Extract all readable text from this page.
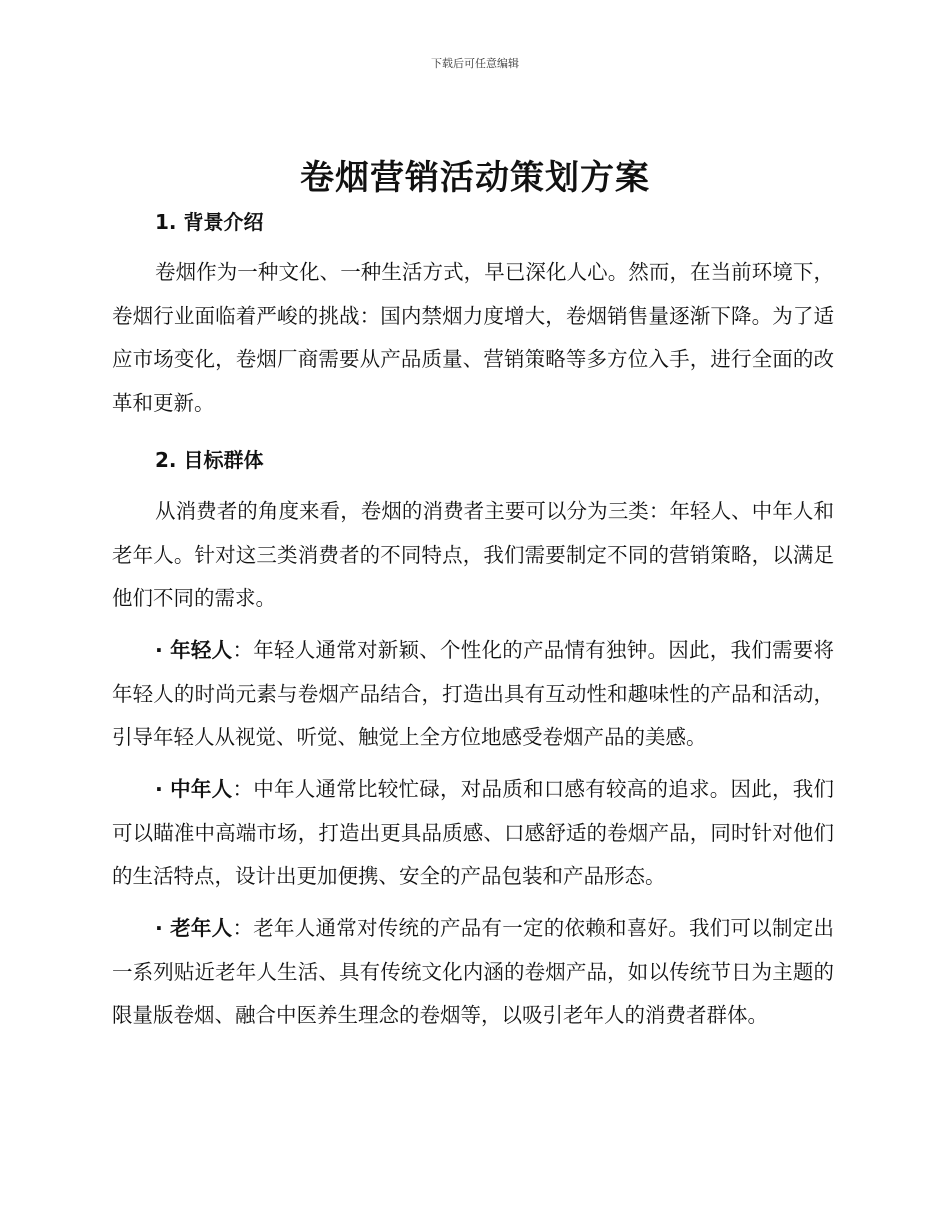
下载后可任意编辑
卷烟营销活动策划方案
1. 背景介绍

卷烟作为一种文化、一种生活方式，早已深化人心。然而，在当前环境下，卷烟行业面临着严峻的挑战：国内禁烟力度增大，卷烟销售量逐渐下降。为了适应市场变化，卷烟厂商需要从产品质量、营销策略等多方位入手，进行全面的改革和更新。

2. 目标群体

从消费者的角度来看，卷烟的消费者主要可以分为三类：年轻人、中年人和老年人。针对这三类消费者的不同特点，我们需要制定不同的营销策略，以满足他们不同的需求。

· 年轻人：年轻人通常对新颖、个性化的产品情有独钟。因此，我们需要将年轻人的时尚元素与卷烟产品结合，打造出具有互动性和趣味性的产品和活动，引导年轻人从视觉、听觉、触觉上全方位地感受卷烟产品的美感。

· 中年人：中年人通常比较忙碌，对品质和口感有较高的追求。因此，我们可以瞄准中高端市场，打造出更具品质感、口感舒适的卷烟产品，同时针对他们的生活特点，设计出更加便携、安全的产品包装和产品形态。

· 老年人：老年人通常对传统的产品有一定的依赖和喜好。我们可以制定出一系列贴近老年人生活、具有传统文化内涵的卷烟产品，如以传统节日为主题的限量版卷烟、融合中医养生理念的卷烟等，以吸引老年人的消费者群体。
